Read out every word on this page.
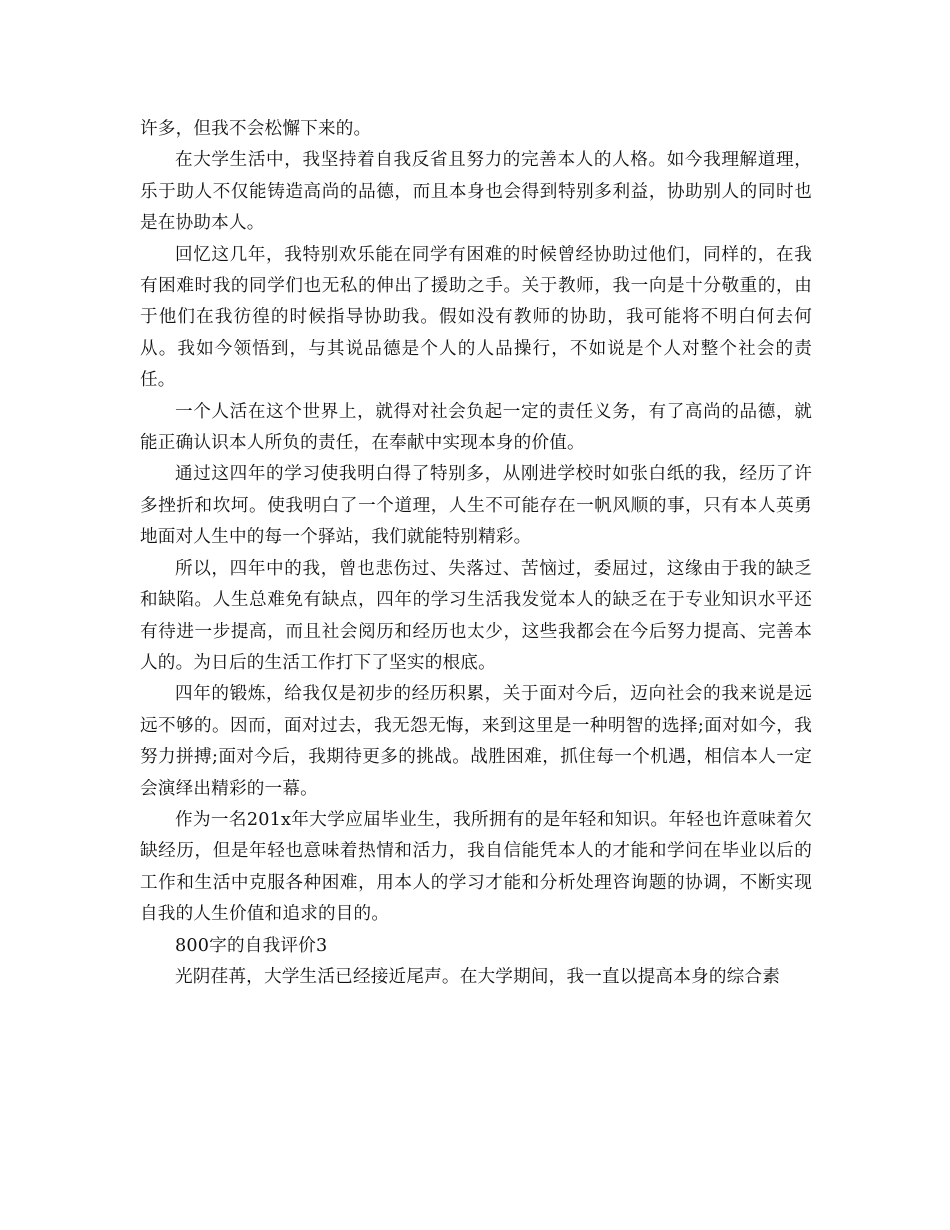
许多，但我不会松懈下来的。

在大学生活中，我坚持着自我反省且努力的完善本人的人格。如今我理解道理，乐于助人不仅能铸造高尚的品德，而且本身也会得到特别多利益，协助别人的同时也是在协助本人。

回忆这几年，我特别欢乐能在同学有困难的时候曾经协助过他们，同样的，在我有困难时我的同学们也无私的伸出了援助之手。关于教师，我一向是十分敬重的，由于他们在我彷徨的时候指导协助我。假如没有教师的协助，我可能将不明白何去何从。我如今领悟到，与其说品德是个人的人品操行，不如说是个人对整个社会的责任。

一个人活在这个世界上，就得对社会负起一定的责任义务，有了高尚的品德，就能正确认识本人所负的责任，在奉献中实现本身的价值。

通过这四年的学习使我明白得了特别多，从刚进学校时如张白纸的我，经历了许多挫折和坎坷。使我明白了一个道理，人生不可能存在一帆风顺的事，只有本人英勇地面对人生中的每一个驿站，我们就能特别精彩。

所以，四年中的我，曾也悲伤过、失落过、苦恼过，委屈过，这缘由于我的缺乏和缺陷。人生总难免有缺点，四年的学习生活我发觉本人的缺乏在于专业知识水平还有待进一步提高，而且社会阅历和经历也太少，这些我都会在今后努力提高、完善本人的。为日后的生活工作打下了坚实的根底。

四年的锻炼，给我仅是初步的经历积累，关于面对今后，迈向社会的我来说是远远不够的。因而，面对过去，我无怨无悔，来到这里是一种明智的选择;面对如今，我努力拼搏;面对今后，我期待更多的挑战。战胜困难，抓住每一个机遇，相信本人一定会演绎出精彩的一幕。

作为一名201x年大学应届毕业生，我所拥有的是年轻和知识。年轻也许意味着欠缺经历，但是年轻也意味着热情和活力，我自信能凭本人的才能和学问在毕业以后的工作和生活中克服各种困难，用本人的学习才能和分析处理咨询题的协调，不断实现自我的人生价值和追求的目的。

800字的自我评价3

光阴荏苒，大学生活已经接近尾声。在大学期间，我一直以提高本身的综合素
